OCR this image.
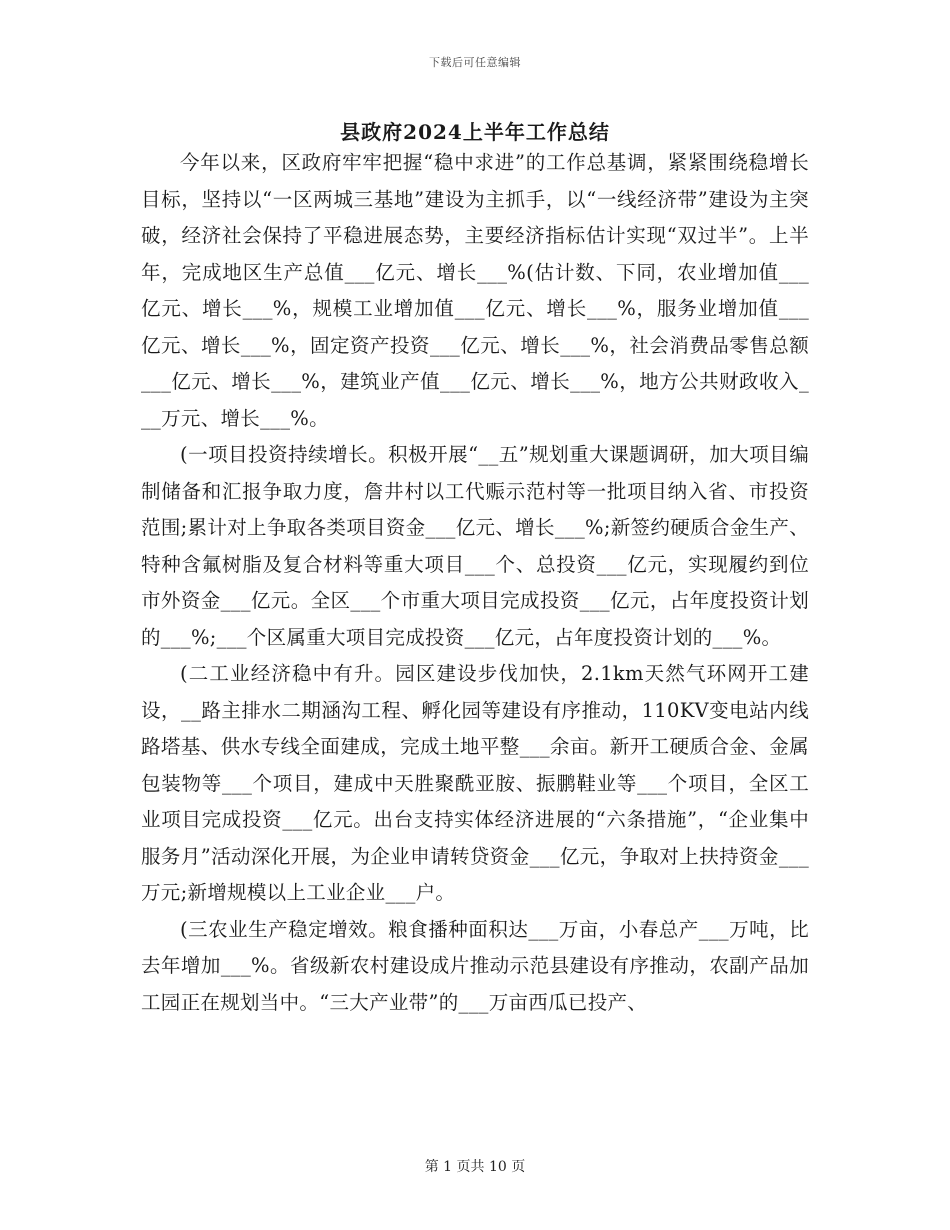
下载后可任意编辑
县政府2024上半年工作总结

今年以来，区政府牢牢把握“稳中求进”的工作总基调，紧紧围绕稳增长目标，坚持以“一区两城三基地”建设为主抓手，以“一线经济带”建设为主突破，经济社会保持了平稳进展态势，主要经济指标估计实现“双过半”。上半年，完成地区生产总值___亿元、增长___%(估计数、下同，农业增加值___亿元、增长___%，规模工业增加值___亿元、增长___%，服务业增加值___亿元、增长___%，固定资产投资___亿元、增长___%，社会消费品零售总额___亿元、增长___%，建筑业产值___亿元、增长___%，地方公共财政收入___万元、增长___%。

(一项目投资持续增长。积极开展“__五”规划重大课题调研，加大项目编制储备和汇报争取力度，詹井村以工代赈示范村等一批项目纳入省、市投资范围;累计对上争取各类项目资金___亿元、增长___%;新签约硬质合金生产、特种含氟树脂及复合材料等重大项目___个、总投资___亿元，实现履约到位市外资金___亿元。全区___个市重大项目完成投资___亿元，占年度投资计划的___%;___个区属重大项目完成投资___亿元，占年度投资计划的___%。

(二工业经济稳中有升。园区建设步伐加快，2.1km天然气环网开工建设，__路主排水二期涵沟工程、孵化园等建设有序推动，110KV变电站内线路塔基、供水专线全面建成，完成土地平整___余亩。新开工硬质合金、金属包装物等___个项目，建成中天胜聚酰亚胺、振鹏鞋业等___个项目，全区工业项目完成投资___亿元。出台支持实体经济进展的“六条措施”，“企业集中服务月”活动深化开展，为企业申请转贷资金___亿元，争取对上扶持资金___万元;新增规模以上工业企业___户。

(三农业生产稳定增效。粮食播种面积达___万亩，小春总产___万吨，比去年增加___%。省级新农村建设成片推动示范县建设有序推动，农副产品加工园正在规划当中。“三大产业带”的___万亩西瓜已投产、

第 1 页共 10 页
